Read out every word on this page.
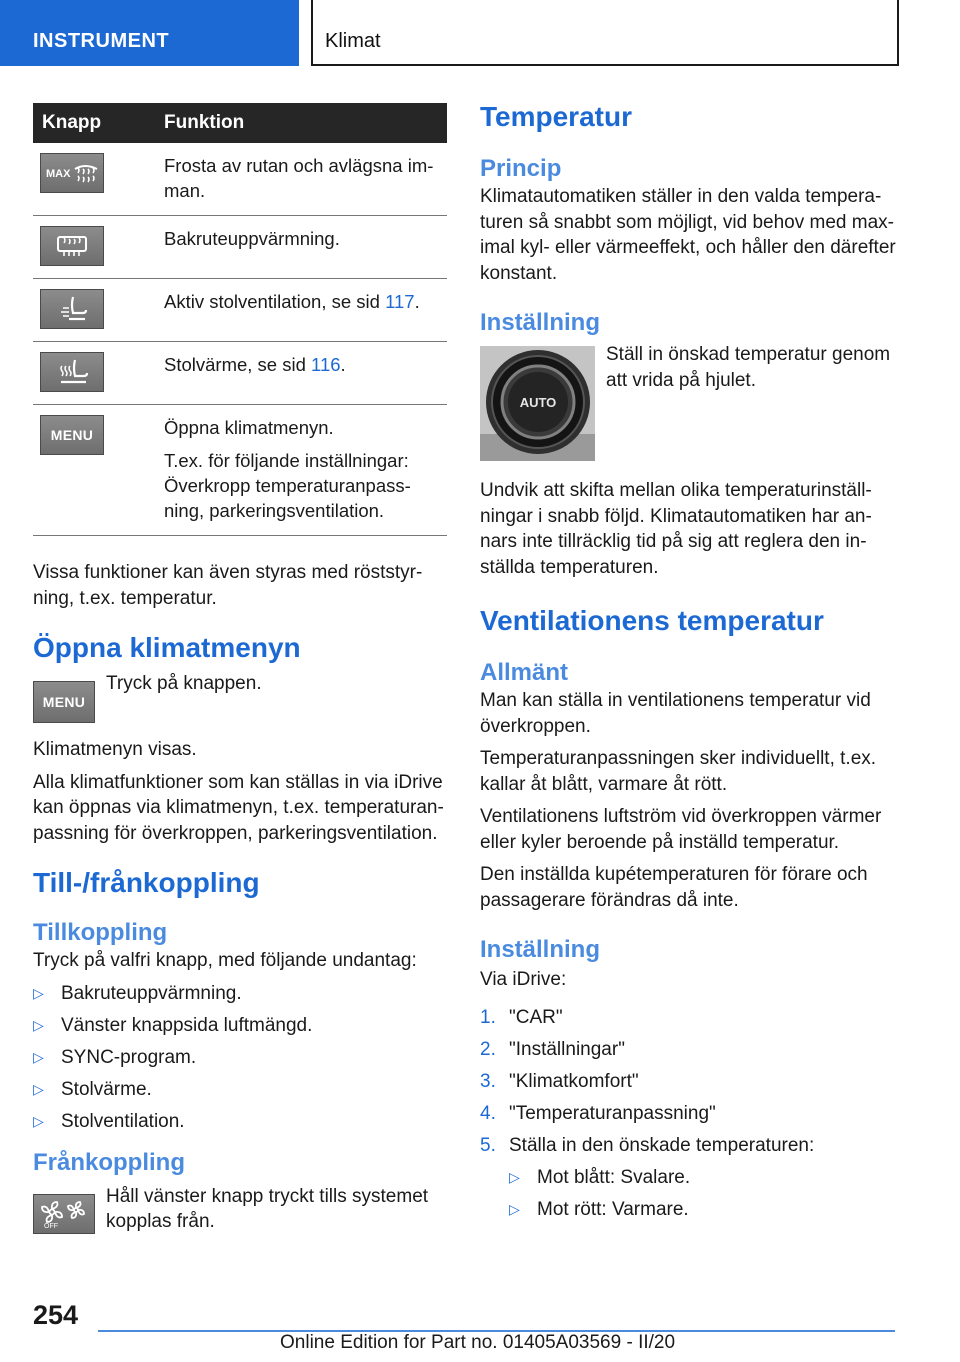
INSTRUMENT	Klimat
Knapp	Funktion

MAX	Frosta av rutan och avlägsna im-man.

	Bakruteuppvärmning.

	Aktiv stolventilation, se sid 117.

	Stolvärme, se sid 116.

MENU	Öppna klimatmenyn.

T.ex. för följande inställningar: Överkropp temperaturanpass-ning, parkeringsventilation.

Vissa funktioner kan även styras med röststyr-ning, t.ex. temperatur.

Öppna klimatmenyn
MENU

Tryck på knappen.

Klimatmenyn visas.

Alla klimatfunktioner som kan ställas in via iDrive kan öppnas via klimatmenyn, t.ex. temperaturan-passning för överkroppen, parkeringsventilation.

Till-/frånkoppling
Tillkoppling

Tryck på valfri knapp, med följande undantag:

▷ Bakruteuppvärmning.
▷ Vänster knappsida luftmängd.
▷ SYNC-program.
▷ Stolvärme.
▷ Stolventilation.
Frånkoppling
OFF

Håll vänster knapp tryckt tills systemet kopplas från.

Temperatur
Princip

Klimatautomatiken ställer in den valda tempera-turen så snabbt som möjligt, vid behov med max-imal kyl- eller värmeeffekt, och håller den därefter konstant.

Inställning
AUTO

Ställ in önskad temperatur genom att vrida på hjulet.

Undvik att skifta mellan olika temperaturinställ-ningar i snabb följd. Klimatautomatiken har an-nars inte tillräcklig tid på sig att reglera den in-ställda temperaturen.

Ventilationens temperatur
Allmänt

Man kan ställa in ventilationens temperatur vid överkroppen.

Temperaturanpassningen sker individuellt, t.ex. kallar åt blått, varmare åt rött.

Ventilationens luftström vid överkroppen värmer eller kyler beroende på inställd temperatur.

Den inställda kupétemperaturen för förare och passagerare förändras då inte.

Inställning

Via iDrive:

1. "CAR"
2. "Inställningar"
3. "Klimatkomfort"
4. "Temperaturanpassning"
5. Ställa in den önskade temperaturen:
▷ Mot blått: Svalare.
▷ Mot rött: Varmare.
254
Online Edition for Part no. 01405A03569 - II/20
